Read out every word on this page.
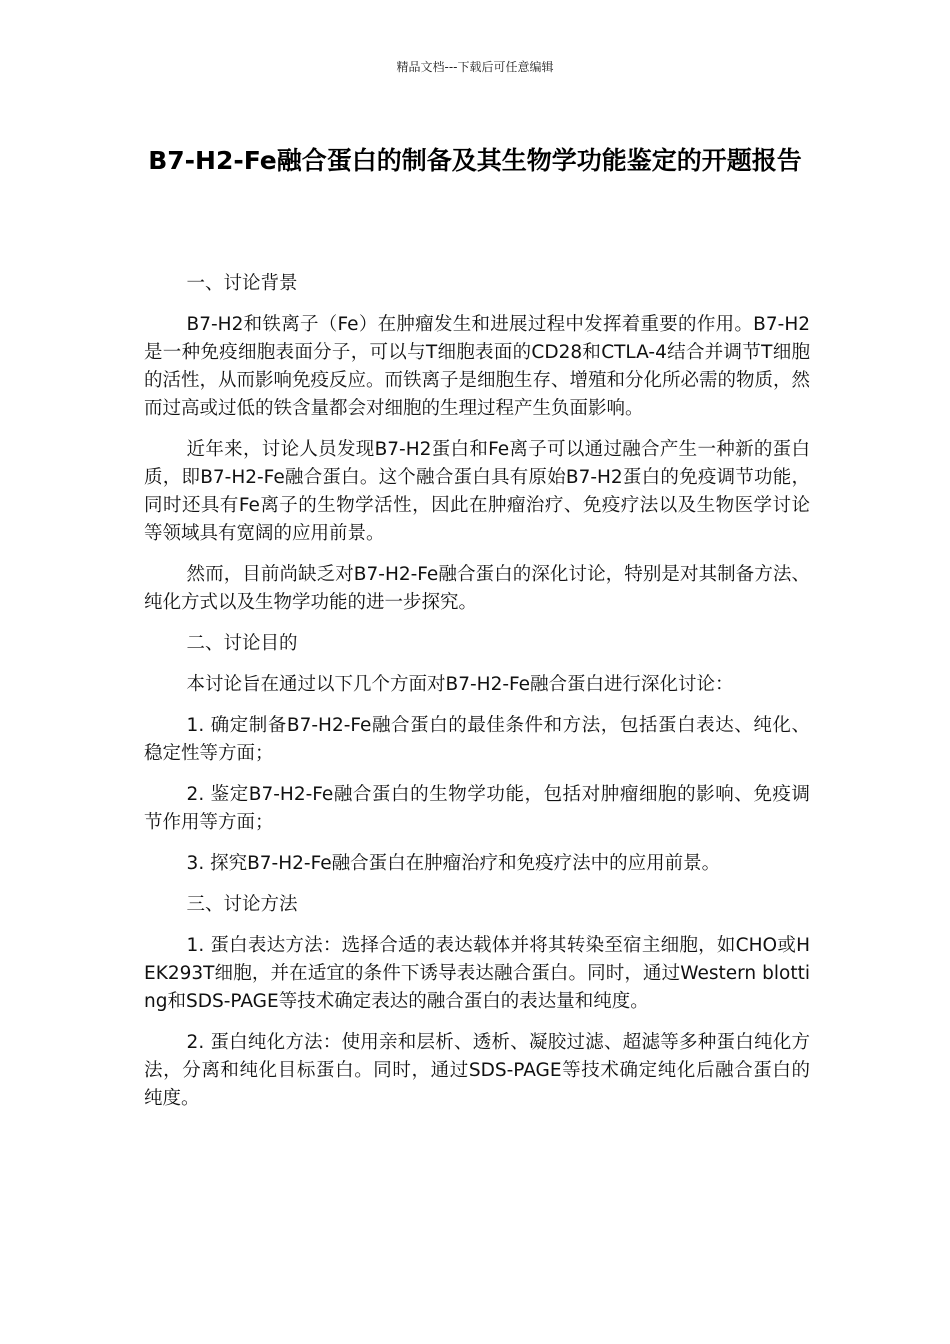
精品文档---下载后可任意编辑
B7-H2-Fe融合蛋白的制备及其生物学功能鉴定的开题报告

一、讨论背景

B7-H2和铁离子（Fe）在肿瘤发生和进展过程中发挥着重要的作用。B7-H2是一种免疫细胞表面分子，可以与T细胞表面的CD28和CTLA-4结合并调节T细胞的活性，从而影响免疫反应。而铁离子是细胞生存、增殖和分化所必需的物质，然而过高或过低的铁含量都会对细胞的生理过程产生负面影响。

近年来，讨论人员发现B7-H2蛋白和Fe离子可以通过融合产生一种新的蛋白质，即B7-H2-Fe融合蛋白。这个融合蛋白具有原始B7-H2蛋白的免疫调节功能，同时还具有Fe离子的生物学活性，因此在肿瘤治疗、免疫疗法以及生物医学讨论等领域具有宽阔的应用前景。

然而，目前尚缺乏对B7-H2-Fe融合蛋白的深化讨论，特别是对其制备方法、纯化方式以及生物学功能的进一步探究。

二、讨论目的

本讨论旨在通过以下几个方面对B7-H2-Fe融合蛋白进行深化讨论：

1. 确定制备B7-H2-Fe融合蛋白的最佳条件和方法，包括蛋白表达、纯化、稳定性等方面；

2. 鉴定B7-H2-Fe融合蛋白的生物学功能，包括对肿瘤细胞的影响、免疫调节作用等方面；

3. 探究B7-H2-Fe融合蛋白在肿瘤治疗和免疫疗法中的应用前景。

三、讨论方法

1. 蛋白表达方法：选择合适的表达载体并将其转染至宿主细胞，如CHO或HEK293T细胞，并在适宜的条件下诱导表达融合蛋白。同时，通过Western blotting和SDS-PAGE等技术确定表达的融合蛋白的表达量和纯度。

2. 蛋白纯化方法：使用亲和层析、透析、凝胶过滤、超滤等多种蛋白纯化方法，分离和纯化目标蛋白。同时，通过SDS-PAGE等技术确定纯化后融合蛋白的纯度。
